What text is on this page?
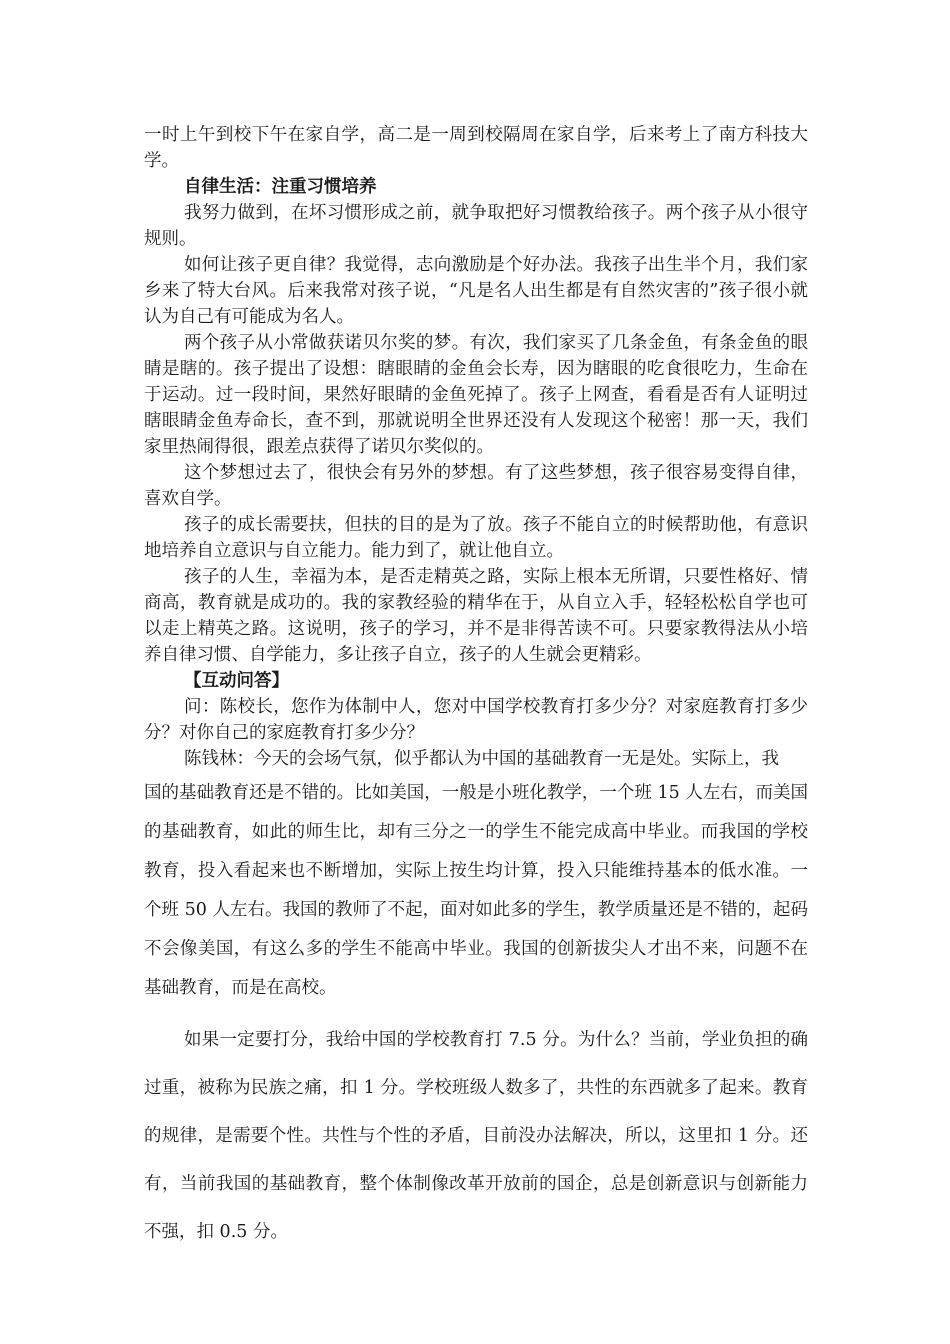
一时上午到校下午在家自学，高二是一周到校隔周在家自学，后来考上了南方科技大学。

自律生活：注重习惯培养

我努力做到，在坏习惯形成之前，就争取把好习惯教给孩子。两个孩子从小很守规则。

如何让孩子更自律？我觉得，志向激励是个好办法。我孩子出生半个月，我们家乡来了特大台风。后来我常对孩子说，“凡是名人出生都是有自然灾害的”孩子很小就认为自己有可能成为名人。

两个孩子从小常做获诺贝尔奖的梦。有次，我们家买了几条金鱼，有条金鱼的眼睛是瞎的。孩子提出了设想：瞎眼睛的金鱼会长寿，因为瞎眼的吃食很吃力，生命在于运动。过一段时间，果然好眼睛的金鱼死掉了。孩子上网查，看看是否有人证明过瞎眼睛金鱼寿命长，查不到，那就说明全世界还没有人发现这个秘密！那一天，我们家里热闹得很，跟差点获得了诺贝尔奖似的。

这个梦想过去了，很快会有另外的梦想。有了这些梦想，孩子很容易变得自律，喜欢自学。

孩子的成长需要扶，但扶的目的是为了放。孩子不能自立的时候帮助他，有意识地培养自立意识与自立能力。能力到了，就让他自立。

孩子的人生，幸福为本，是否走精英之路，实际上根本无所谓，只要性格好、情商高，教育就是成功的。我的家教经验的精华在于，从自立入手，轻轻松松自学也可以走上精英之路。这说明，孩子的学习，并不是非得苦读不可。只要家教得法从小培养自律习惯、自学能力，多让孩子自立，孩子的人生就会更精彩。

【互动问答】

问：陈校长，您作为体制中人，您对中国学校教育打多少分？对家庭教育打多少分？对你自己的家庭教育打多少分？

陈钱林：今天的会场气氛，似乎都认为中国的基础教育一无是处。实际上，我

国的基础教育还是不错的。比如美国，一般是小班化教学，一个班 15 人左右，而美国的基础教育，如此的师生比，却有三分之一的学生不能完成高中毕业。而我国的学校教育，投入看起来也不断增加，实际上按生均计算，投入只能维持基本的低水准。一个班 50 人左右。我国的教师了不起，面对如此多的学生，教学质量还是不错的，起码不会像美国，有这么多的学生不能高中毕业。我国的创新拔尖人才出不来，问题不在基础教育，而是在高校。

如果一定要打分，我给中国的学校教育打 7.5 分。为什么？当前，学业负担的确过重，被称为民族之痛，扣 1 分。学校班级人数多了，共性的东西就多了起来。教育的规律，是需要个性。共性与个性的矛盾，目前没办法解决，所以，这里扣 1 分。还有，当前我国的基础教育，整个体制像改革开放前的国企，总是创新意识与创新能力不强，扣 0.5 分。
